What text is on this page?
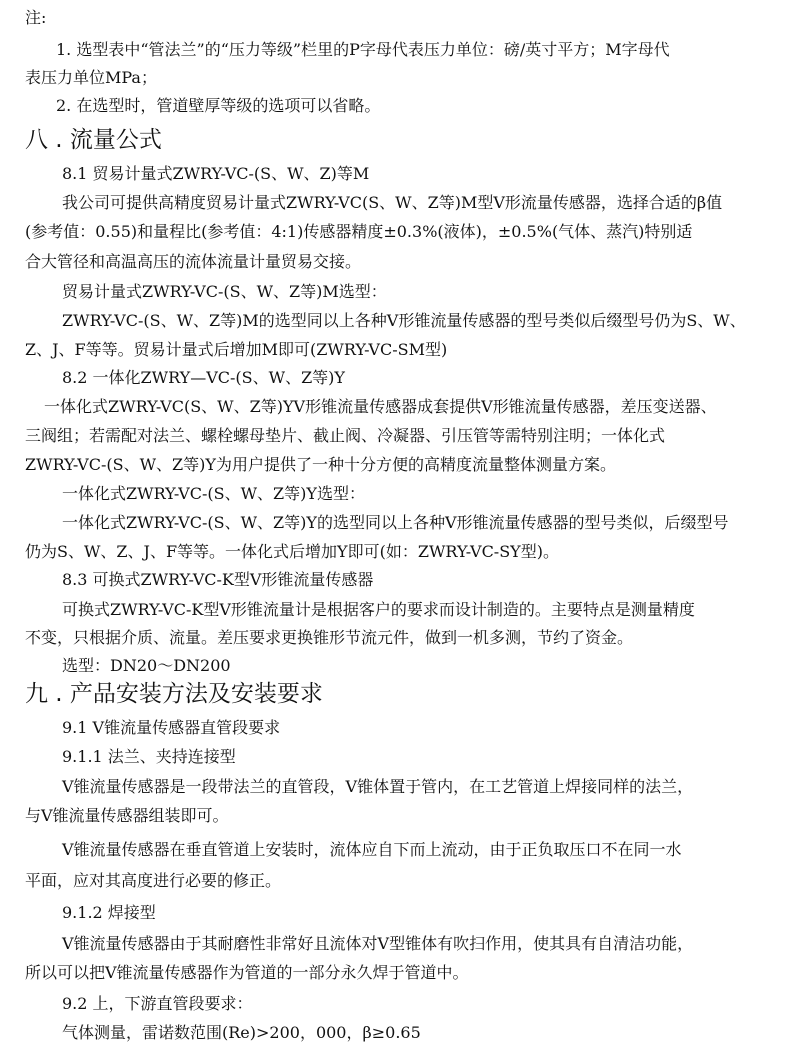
注:
1. 选型表中“管法兰”的“压力等级”栏里的P字母代表压力单位：磅/英寸平方；M字母代
表压力单位MPa；
2. 在选型时，管道壁厚等级的选项可以省略。
八 . 流量公式
8.1 贸易计量式ZWRY-VC-(S、W、Z)等M
我公司可提供高精度贸易计量式ZWRY-VC(S、W、Z等)M型V形流量传感器，选择合适的β值
(参考值：0.55)和量程比(参考值：4:1)传感器精度±0.3%(液体)，±0.5%(气体、蒸汽)特别适
合大管径和高温高压的流体流量计量贸易交接。
贸易计量式ZWRY-VC-(S、W、Z等)M选型：
ZWRY-VC-(S、W、Z等)M的选型同以上各种V形锥流量传感器的型号类似后缀型号仍为S、W、
Z、J、F等等。贸易计量式后增加M即可(ZWRY-VC-SM型)
8.2 一体化ZWRY—VC-(S、W、Z等)Y
一体化式ZWRY-VC(S、W、Z等)YV形锥流量传感器成套提供V形锥流量传感器，差压变送器、
三阀组；若需配对法兰、螺栓螺母垫片、截止阀、冷凝器、引压管等需特别注明；一体化式
ZWRY-VC-(S、W、Z等)Y为用户提供了一种十分方便的高精度流量整体测量方案。
一体化式ZWRY-VC-(S、W、Z等)Y选型：
一体化式ZWRY-VC-(S、W、Z等)Y的选型同以上各种V形锥流量传感器的型号类似，后缀型号
仍为S、W、Z、J、F等等。一体化式后增加Y即可(如：ZWRY-VC-SY型)。
8.3 可换式ZWRY-VC-K型V形锥流量传感器
可换式ZWRY-VC-K型V形锥流量计是根据客户的要求而设计制造的。主要特点是测量精度
不变，只根据介质、流量。差压要求更换锥形节流元件，做到一机多测，节约了资金。
选型：DN20～DN200
九 . 产品安装方法及安装要求
9.1 V锥流量传感器直管段要求
9.1.1 法兰、夹持连接型
V锥流量传感器是一段带法兰的直管段，V锥体置于管内，在工艺管道上焊接同样的法兰，
与V锥流量传感器组装即可。
V锥流量传感器在垂直管道上安装时，流体应自下而上流动，由于正负取压口不在同一水
平面，应对其高度进行必要的修正。
9.1.2 焊接型
V锥流量传感器由于其耐磨性非常好且流体对V型锥体有吹扫作用，使其具有自清洁功能，
所以可以把V锥流量传感器作为管道的一部分永久焊于管道中。
9.2 上，下游直管段要求：
气体测量，雷诺数范围(Re)>200，000，β≥0.65
